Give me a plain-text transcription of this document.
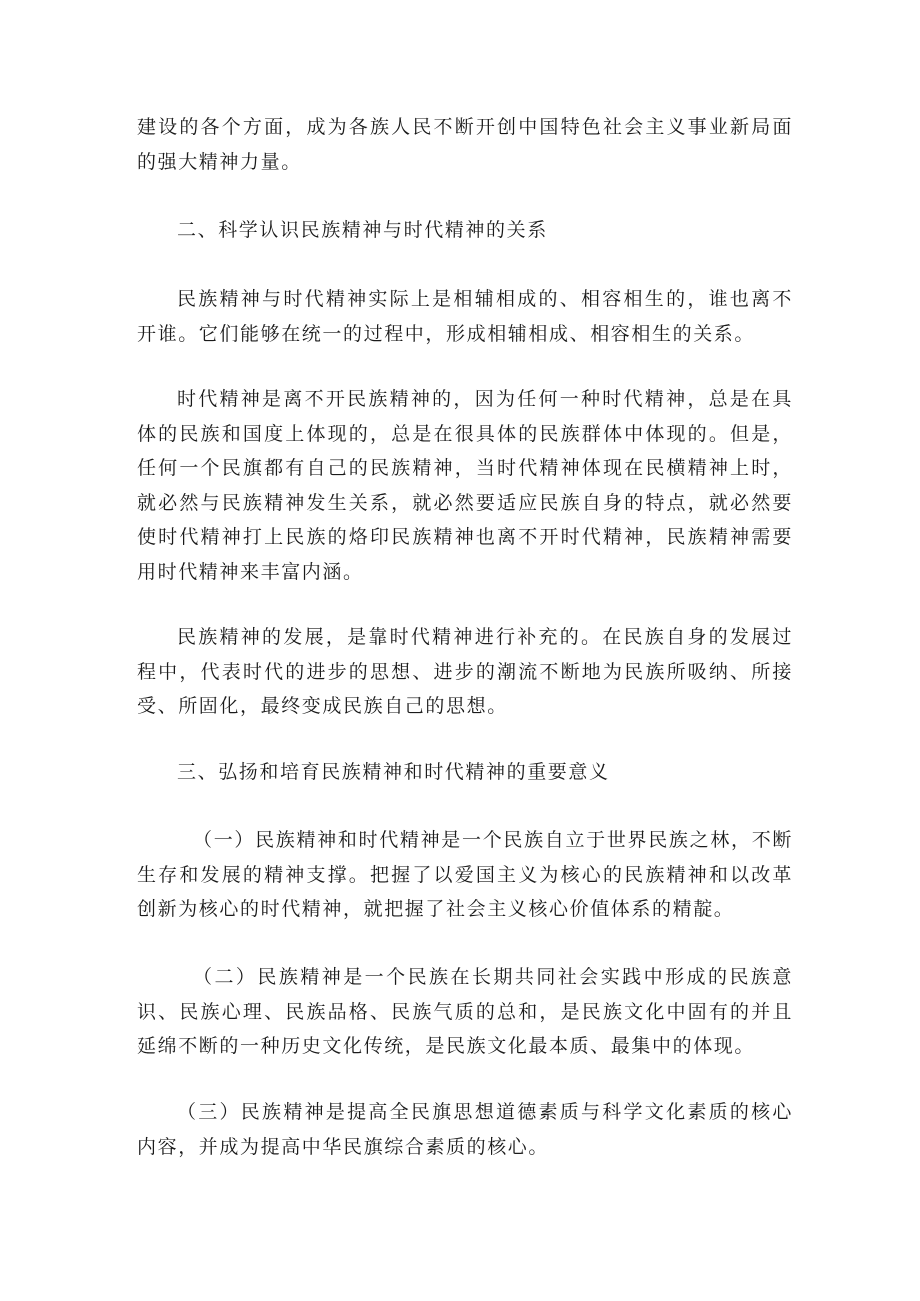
建设的各个方面，成为各族人民不断开创中国特色社会主义事业新局面的强大精神力量。

二、科学认识民族精神与时代精神的关系

民族精神与时代精神实际上是相辅相成的、相容相生的，谁也离不开谁。它们能够在统一的过程中，形成相辅相成、相容相生的关系。

时代精神是离不开民族精神的，因为任何一种时代精神，总是在具体的民族和国度上体现的，总是在很具体的民族群体中体现的。但是，任何一个民旗都有自己的民族精神，当时代精神体现在民横精神上时，就必然与民族精神发生关系，就必然要适应民族自身的特点，就必然要使时代精神打上民族的烙印民族精神也离不开时代精神，民族精神需要用时代精神来丰富内涵。

民族精神的发展，是靠时代精神进行补充的。在民族自身的发展过程中，代表时代的进步的思想、进步的潮流不断地为民族所吸纳、所接受、所固化，最终变成民族自己的思想。

三、弘扬和培育民族精神和时代精神的重要意义

（一）民族精神和时代精神是一个民族自立于世界民族之林，不断生存和发展的精神支撑。把握了以爱国主义为核心的民族精神和以改革创新为核心的时代精神，就把握了社会主义核心价值体系的精靛。

（二）民族精神是一个民族在长期共同社会实践中形成的民族意识、民族心理、民族品格、民族气质的总和，是民族文化中固有的并且延绵不断的一种历史文化传统，是民族文化最本质、最集中的体现。

（三）民族精神是提高全民旗思想道德素质与科学文化素质的核心内容，并成为提高中华民旗综合素质的核心。
